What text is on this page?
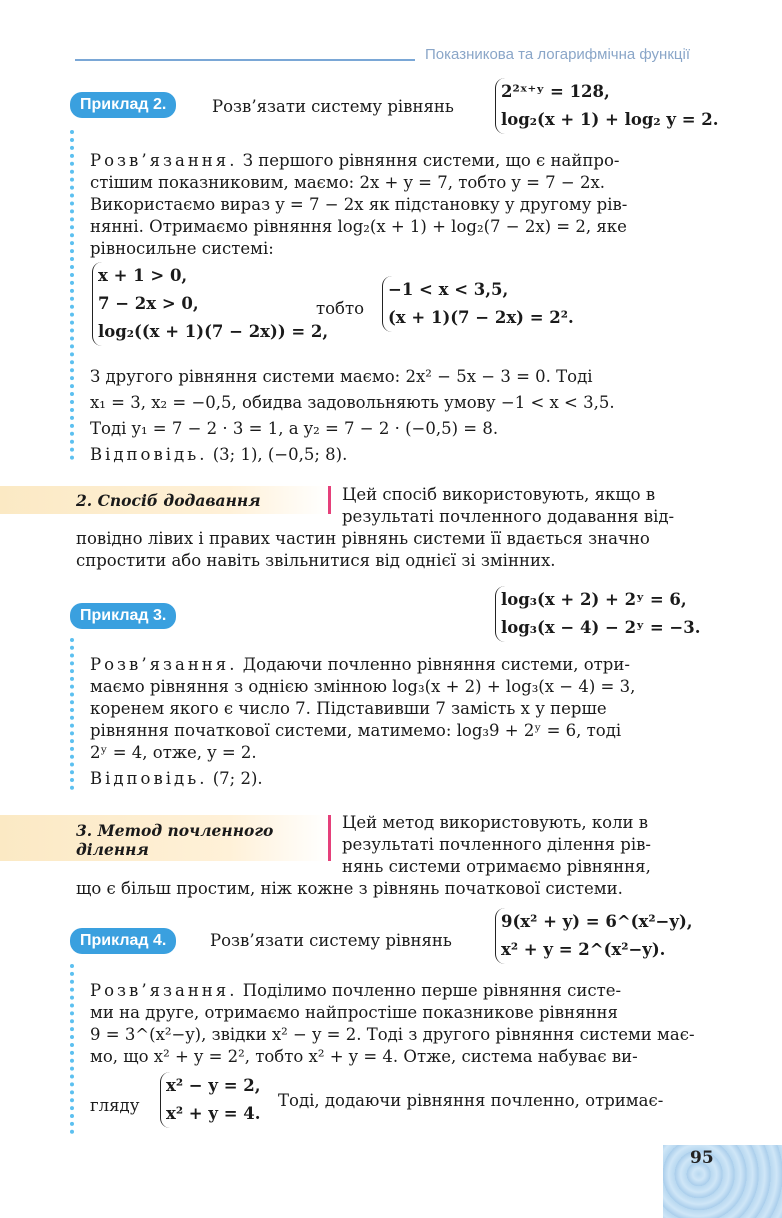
Показникова та логарифмічна функції
Приклад 2.	Розв’язати систему рівнянь
2²ˣ⁺ʸ = 128,
log₂(x + 1) + log₂ y = 2.
Розв’язання. З першого рівняння системи, що є найпро-
стішим показниковим, маємо: 2x + y = 7, тобто y = 7 − 2x.
Використаємо вираз y = 7 − 2x як підстановку у другому рів-
нянні. Отримаємо рівняння log₂(x + 1) + log₂(7 − 2x) = 2, яке
рівносильне системі:
x + 1 > 0,
7 − 2x > 0,
log₂((x + 1)(7 − 2x)) = 2,
тобто
−1 < x < 3,5,
(x + 1)(7 − 2x) = 2².
З другого рівняння системи маємо: 2x² − 5x − 3 = 0. Тоді
x₁ = 3, x₂ = −0,5, обидва задовольняють умову −1 < x < 3,5.
Тоді y₁ = 7 − 2 · 3 = 1, а y₂ = 7 − 2 · (−0,5) = 8.
Відповідь. (3; 1), (−0,5; 8).
2. Спосіб додавання	Цей спосіб використовують, якщо в
результаті почленного додавання від-
повідно лівих і правих частин рівнянь системи її вдається значно
спростити або навіть звільнитися від однієї зі змінних.
Приклад 3.
log₃(x + 2) + 2ʸ = 6,
log₃(x − 4) − 2ʸ = −3.
Розв’язання. Додаючи почленно рівняння системи, отри-
маємо рівняння з однією змінною log₃(x + 2) + log₃(x − 4) = 3,
коренем якого є число 7. Підставивши 7 замість x у перше
рівняння початкової системи, матимемо: log₃9 + 2ʸ = 6, тоді
2ʸ = 4, отже, y = 2.
Відповідь. (7; 2).
3. Метод почленного
ділення
Цей метод використовують, коли в
результаті почленного ділення рів-
нянь системи отримаємо рівняння,
що є більш простим, ніж кожне з рівнянь початкової системи.
Приклад 4.	Розв’язати систему рівнянь
9(x² + y) = 6^(x²−y),
x² + y = 2^(x²−y).
Розв’язання. Поділимо почленно перше рівняння систе-
ми на друге, отримаємо найпростіше показникове рівняння
9 = 3^(x²−y), звідки x² − y = 2. Тоді з другого рівняння системи має-
мо, що x² + y = 2², тобто x² + y = 4. Отже, система набуває ви-
гляду
x² − y = 2,
x² + y = 4.
Тоді, додаючи рівняння почленно, отримає-
95
